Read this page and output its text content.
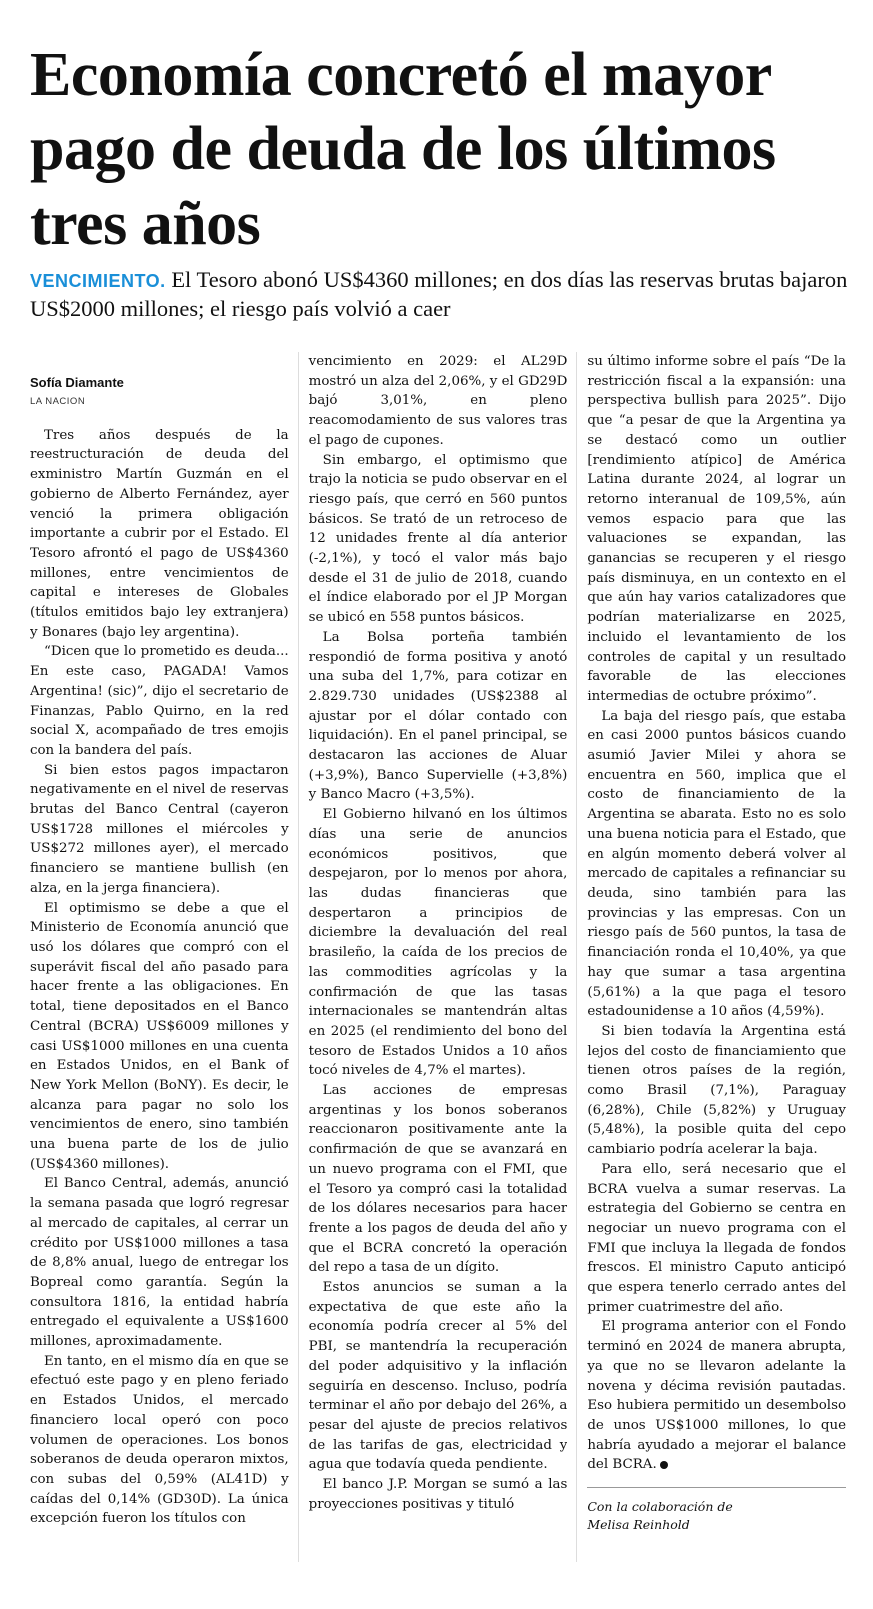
Economía concretó el mayor pago de deuda de los últimos tres años
VENCIMIENTO. El Tesoro abonó US$4360 millones; en dos días las reservas brutas bajaron US$2000 millones; el riesgo país volvió a caer
Sofía Diamante
LA NACION

Tres años después de la reestructuración de deuda del exministro Martín Guzmán en el gobierno de Alberto Fernández, ayer venció la primera obligación importante a cubrir por el Estado. El Tesoro afrontó el pago de US$4360 millones, entre vencimientos de capital e intereses de Globales (títulos emitidos bajo ley extranjera) y Bonares (bajo ley argentina).

“Dicen que lo prometido es deuda... En este caso, PAGADA! Vamos Argentina! (sic)”, dijo el secretario de Finanzas, Pablo Quirno, en la red social X, acompañado de tres emojis con la bandera del país.

Si bien estos pagos impactaron negativamente en el nivel de reservas brutas del Banco Central (cayeron US$1728 millones el miércoles y US$272 millones ayer), el mercado financiero se mantiene bullish (en alza, en la jerga financiera).

El optimismo se debe a que el Ministerio de Economía anunció que usó los dólares que compró con el superávit fiscal del año pasado para hacer frente a las obligaciones. En total, tiene depositados en el Banco Central (BCRA) US$6009 millones y casi US$1000 millones en una cuenta en Estados Unidos, en el Bank of New York Mellon (BoNY). Es decir, le alcanza para pagar no solo los vencimientos de enero, sino también una buena parte de los de julio (US$4360 millones).

El Banco Central, además, anunció la semana pasada que logró regresar al mercado de capitales, al cerrar un crédito por US$1000 millones a tasa de 8,8% anual, luego de entregar los Bopreal como garantía. Según la consultora 1816, la entidad habría entregado el equivalente a US$1600 millones, aproximadamente.

En tanto, en el mismo día en que se efectuó este pago y en pleno feriado en Estados Unidos, el mercado financiero local operó con poco volumen de operaciones. Los bonos soberanos de deuda operaron mixtos, con subas del 0,59% (AL41D) y caídas del 0,14% (GD30D). La única excepción fueron los títulos con

vencimiento en 2029: el AL29D mostró un alza del 2,06%, y el GD29D bajó 3,01%, en pleno reacomodamiento de sus valores tras el pago de cupones.

Sin embargo, el optimismo que trajo la noticia se pudo observar en el riesgo país, que cerró en 560 puntos básicos. Se trató de un retroceso de 12 unidades frente al día anterior (-2,1%), y tocó el valor más bajo desde el 31 de julio de 2018, cuando el índice elaborado por el JP Morgan se ubicó en 558 puntos básicos.

La Bolsa porteña también respondió de forma positiva y anotó una suba del 1,7%, para cotizar en 2.829.730 unidades (US$2388 al ajustar por el dólar contado con liquidación). En el panel principal, se destacaron las acciones de Aluar (+3,9%), Banco Supervielle (+3,8%) y Banco Macro (+3,5%).

El Gobierno hilvanó en los últimos días una serie de anuncios económicos positivos, que despejaron, por lo menos por ahora, las dudas financieras que despertaron a principios de diciembre la devaluación del real brasileño, la caída de los precios de las commodities agrícolas y la confirmación de que las tasas internacionales se mantendrán altas en 2025 (el rendimiento del bono del tesoro de Estados Unidos a 10 años tocó niveles de 4,7% el martes).

Las acciones de empresas argentinas y los bonos soberanos reaccionaron positivamente ante la confirmación de que se avanzará en un nuevo programa con el FMI, que el Tesoro ya compró casi la totalidad de los dólares necesarios para hacer frente a los pagos de deuda del año y que el BCRA concretó la operación del repo a tasa de un dígito.

Estos anuncios se suman a la expectativa de que este año la economía podría crecer al 5% del PBI, se mantendría la recuperación del poder adquisitivo y la inflación seguiría en descenso. Incluso, podría terminar el año por debajo del 26%, a pesar del ajuste de precios relativos de las tarifas de gas, electricidad y agua que todavía queda pendiente.

El banco J.P. Morgan se sumó a las proyecciones positivas y tituló

su último informe sobre el país “De la restricción fiscal a la expansión: una perspectiva bullish para 2025”. Dijo que “a pesar de que la Argentina ya se destacó como un outlier [rendimiento atípico] de América Latina durante 2024, al lograr un retorno interanual de 109,5%, aún vemos espacio para que las valuaciones se expandan, las ganancias se recuperen y el riesgo país disminuya, en un contexto en el que aún hay varios catalizadores que podrían materializarse en 2025, incluido el levantamiento de los controles de capital y un resultado favorable de las elecciones intermedias de octubre próximo”.

La baja del riesgo país, que estaba en casi 2000 puntos básicos cuando asumió Javier Milei y ahora se encuentra en 560, implica que el costo de financiamiento de la Argentina se abarata. Esto no es solo una buena noticia para el Estado, que en algún momento deberá volver al mercado de capitales a refinanciar su deuda, sino también para las provincias y las empresas. Con un riesgo país de 560 puntos, la tasa de financiación ronda el 10,40%, ya que hay que sumar a tasa argentina (5,61%) a la que paga el tesoro estadounidense a 10 años (4,59%).

Si bien todavía la Argentina está lejos del costo de financiamiento que tienen otros países de la región, como Brasil (7,1%), Paraguay (6,28%), Chile (5,82%) y Uruguay (5,48%), la posible quita del cepo cambiario podría acelerar la baja.

Para ello, será necesario que el BCRA vuelva a sumar reservas. La estrategia del Gobierno se centra en negociar un nuevo programa con el FMI que incluya la llegada de fondos frescos. El ministro Caputo anticipó que espera tenerlo cerrado antes del primer cuatrimestre del año.

El programa anterior con el Fondo terminó en 2024 de manera abrupta, ya que no se llevaron adelante la novena y décima revisión pautadas. Eso hubiera permitido un desembolso de unos US$1000 millones, lo que habría ayudado a mejorar el balance del BCRA.

Con la colaboración de
Melisa Reinhold
